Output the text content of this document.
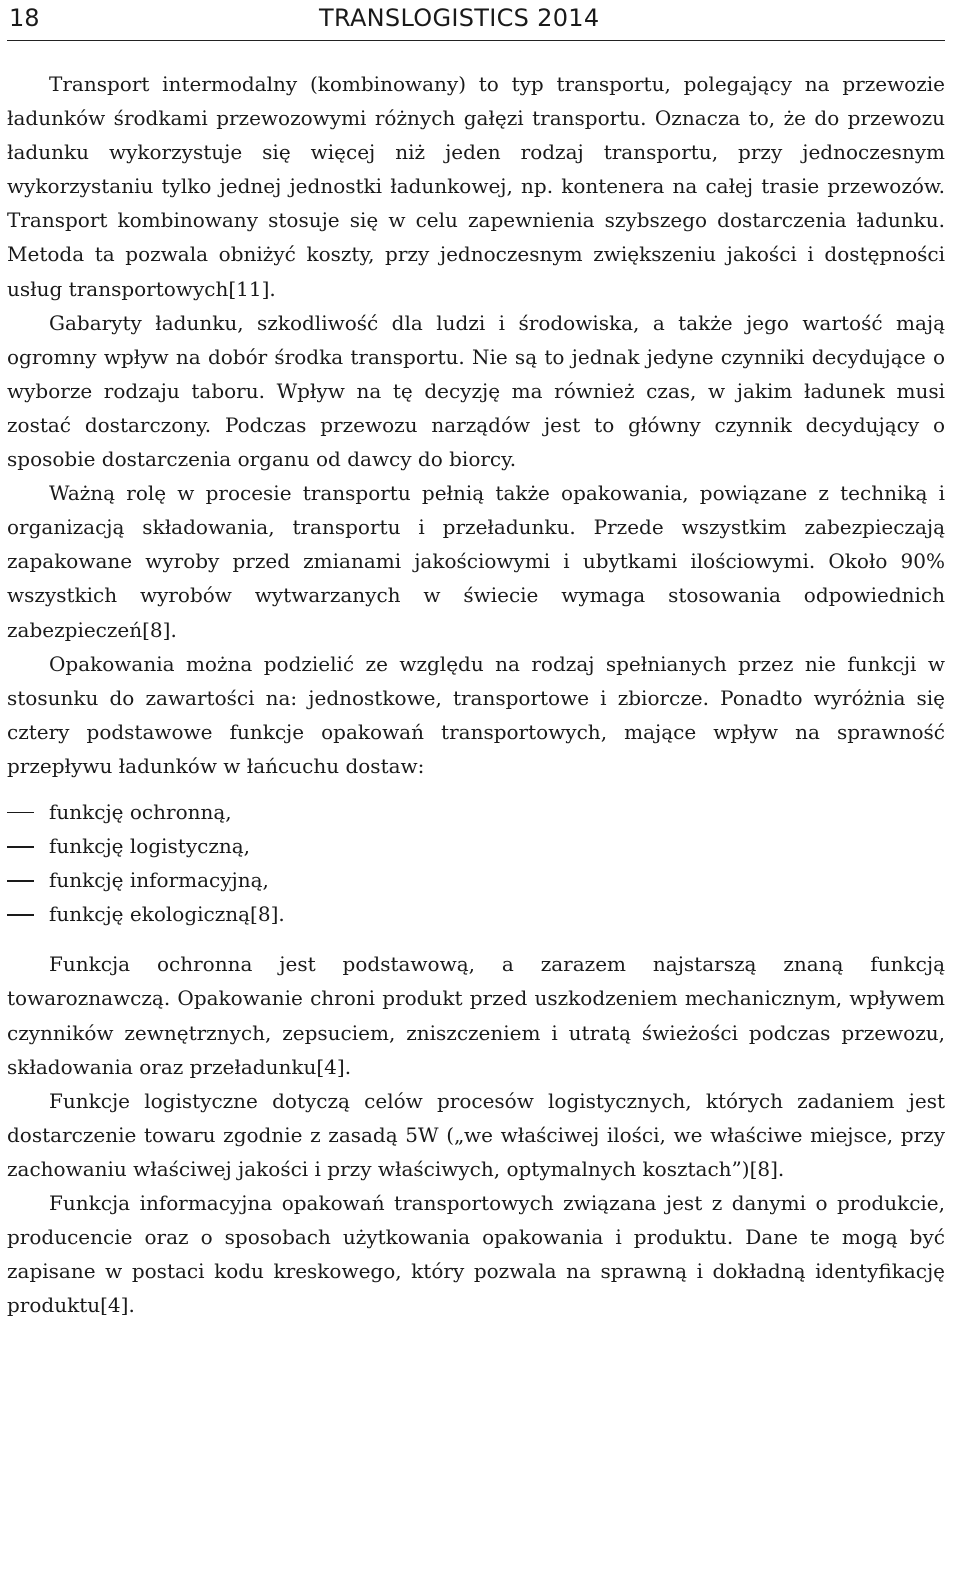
18	TRANSLOGISTICS 2014

Transport intermodalny (kombinowany) to typ transportu, polegający na przewozie ładunków środkami przewozowymi różnych gałęzi transportu. Oznacza to, że do przewozu ładunku wykorzystuje się więcej niż jeden rodzaj transportu, przy jednoczesnym wykorzystaniu tylko jednej jednostki ładunkowej, np. kontenera na całej trasie przewozów. Transport kombinowany stosuje się w celu zapewnienia szybszego dostarczenia ładunku. Metoda ta pozwala obniżyć koszty, przy jednoczesnym zwiększeniu jakości i dostępności usług transportowych[11].

Gabaryty ładunku, szkodliwość dla ludzi i środowiska, a także jego wartość mają ogromny wpływ na dobór środka transportu. Nie są to jednak jedyne czynniki decydujące o wyborze rodzaju taboru. Wpływ na tę decyzję ma również czas, w jakim ładunek musi zostać dostarczony. Podczas przewozu narządów jest to główny czynnik decydujący o sposobie dostarczenia organu od dawcy do biorcy.

Ważną rolę w procesie transportu pełnią także opakowania, powiązane z techniką i organizacją składowania, transportu i przeładunku. Przede wszystkim zabezpieczają zapakowane wyroby przed zmianami jakościowymi i ubytkami ilościowymi. Około 90% wszystkich wyrobów wytwarzanych w świecie wymaga stosowania odpowiednich zabezpieczeń[8].

Opakowania można podzielić ze względu na rodzaj spełnianych przez nie funkcji w stosunku do zawartości na: jednostkowe, transportowe i zbiorcze. Ponadto wyróżnia się cztery podstawowe funkcje opakowań transportowych, mające wpływ na sprawność przepływu ładunków w łańcuchu dostaw:

funkcję ochronną,
funkcję logistyczną,
funkcję informacyjną,
funkcję ekologiczną[8].

Funkcja ochronna jest podstawową, a zarazem najstarszą znaną funkcją towaroznawczą. Opakowanie chroni produkt przed uszkodzeniem mechanicznym, wpływem czynników zewnętrznych, zepsuciem, zniszczeniem i utratą świeżości podczas przewozu, składowania oraz przeładunku[4].

Funkcje logistyczne dotyczą celów procesów logistycznych, których zadaniem jest dostarczenie towaru zgodnie z zasadą 5W („we właściwej ilości, we właściwe miejsce, przy zachowaniu właściwej jakości i przy właściwych, optymalnych kosztach”)[8].

Funkcja informacyjna opakowań transportowych związana jest z danymi o produkcie, producencie oraz o sposobach użytkowania opakowania i produktu. Dane te mogą być zapisane w postaci kodu kreskowego, który pozwala na sprawną i dokładną identyfikację produktu[4].
